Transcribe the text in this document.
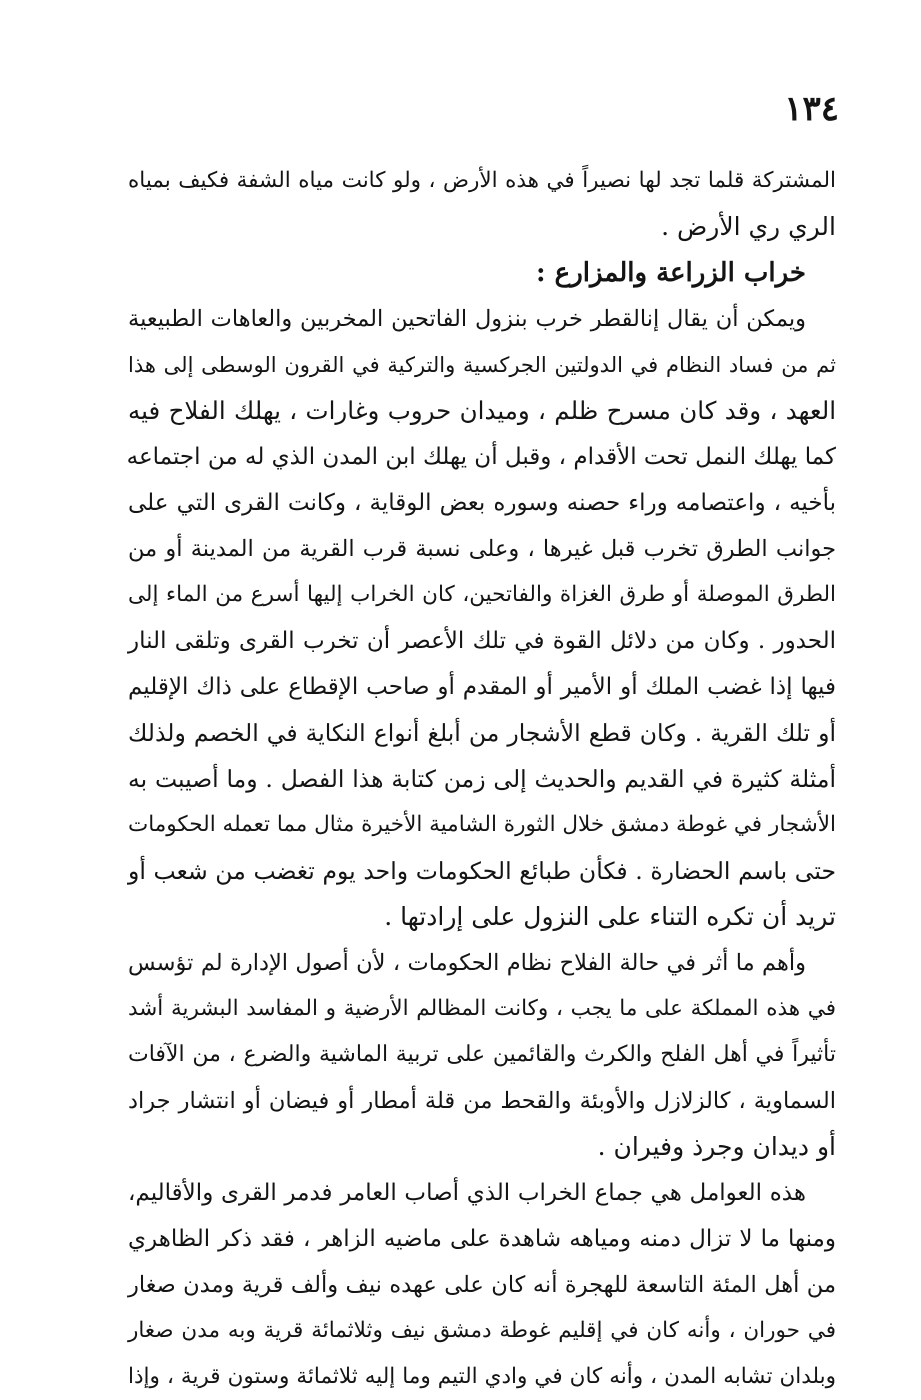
١٣٤
المشتركة قلما تجد لها نصيراً في هذه الأرض ، ولو كانت مياه الشفة فكيف بمياه
الري ري الأرض .
خراب الزراعة والمزارع :
ويمكن أن يقال إنالقطر خرب بنزول الفاتحين المخربين والعاهات الطبيعية
ثم من فساد النظام في الدولتين الجركسية والتركية في القرون الوسطى إلى هذا
العهد ، وقد كان مسرح ظلم ، وميدان حروب وغارات ، يهلك الفلاح فيه
كما يهلك النمل تحت الأقدام ، وقبل أن يهلك ابن المدن الذي له من اجتماعه
بأخيه ، واعتصامه وراء حصنه وسوره بعض الوقاية ، وكانت القرى التي على
جوانب الطرق تخرب قبل غيرها ، وعلى نسبة قرب القرية من المدينة أو من
الطرق الموصلة أو طرق الغزاة والفاتحين، كان الخراب إليها أسرع من الماء إلى
الحدور . وكان من دلائل القوة في تلك الأعصر أن تخرب القرى وتلقى النار
فيها إذا غضب الملك أو الأمير أو المقدم أو صاحب الإقطاع على ذاك الإقليم
أو تلك القرية . وكان قطع الأشجار من أبلغ أنواع النكاية في الخصم ولذلك
أمثلة كثيرة في القديم والحديث إلى زمن كتابة هذا الفصل . وما أصيبت به
الأشجار في غوطة دمشق خلال الثورة الشامية الأخيرة مثال مما تعمله الحكومات
حتى باسم الحضارة . فكأن طبائع الحكومات واحد يوم تغضب من شعب أو
تريد أن تكره التناء على النزول على إرادتها .
وأهم ما أثر في حالة الفلاح نظام الحكومات ، لأن أصول الإدارة لم تؤسس
في هذه المملكة على ما يجب ، وكانت المظالم الأرضية و المفاسد البشرية أشد
تأثيراً في أهل الفلح والكرث والقائمين على تربية الماشية والضرع ، من الآفات
السماوية ، كالزلازل والأوبئة والقحط من قلة أمطار أو فيضان أو انتشار جراد
أو ديدان وجرذ وفيران .
هذه العوامل هي جماع الخراب الذي أصاب العامر فدمر القرى والأقاليم،
ومنها ما لا تزال دمنه ومياهه شاهدة على ماضيه الزاهر ، فقد ذكر الظاهري
من أهل المئة التاسعة للهجرة أنه كان على عهده نيف وألف قرية ومدن صغار
في حوران ، وأنه كان في إقليم غوطة دمشق نيف وثلاثمائة قرية وبه مدن صغار
وبلدان تشابه المدن ، وأنه كان في وادي التيم وما إليه ثلاثمائة وستون قرية ، وإذا
